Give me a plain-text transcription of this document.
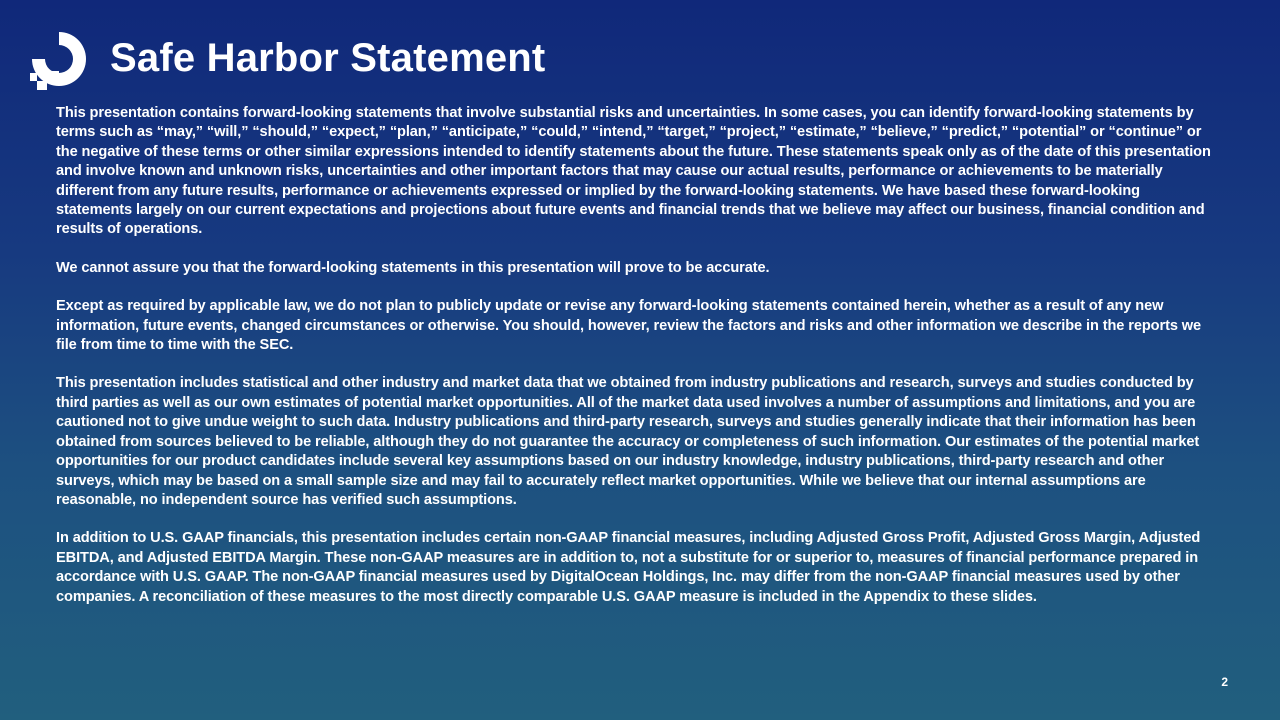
Safe Harbor Statement

This presentation contains forward-looking statements that involve substantial risks and uncertainties. In some cases, you can identify forward-looking statements by terms such as “may,” “will,” “should,” “expect,” “plan,” “anticipate,” “could,” “intend,” “target,” “project,” “estimate,” “believe,” “predict,” “potential” or “continue” or the negative of these terms or other similar expressions intended to identify statements about the future. These statements speak only as of the date of this presentation and involve known and unknown risks, uncertainties and other important factors that may cause our actual results, performance or achievements to be materially different from any future results, performance or achievements expressed or implied by the forward-looking statements. We have based these forward-looking statements largely on our current expectations and projections about future events and financial trends that we believe may affect our business, financial condition and results of operations.

We cannot assure you that the forward-looking statements in this presentation will prove to be accurate.

Except as required by applicable law, we do not plan to publicly update or revise any forward-looking statements contained herein, whether as a result of any new information, future events, changed circumstances or otherwise. You should, however, review the factors and risks and other information we describe in the reports we file from time to time with the SEC.

This presentation includes statistical and other industry and market data that we obtained from industry publications and research, surveys and studies conducted by third parties as well as our own estimates of potential market opportunities. All of the market data used involves a number of assumptions and limitations, and you are cautioned not to give undue weight to such data. Industry publications and third-party research, surveys and studies generally indicate that their information has been obtained from sources believed to be reliable, although they do not guarantee the accuracy or completeness of such information. Our estimates of the potential market opportunities for our product candidates include several key assumptions based on our industry knowledge, industry publications, third-party research and other surveys, which may be based on a small sample size and may fail to accurately reflect market opportunities. While we believe that our internal assumptions are reasonable, no independent source has verified such assumptions.

In addition to U.S. GAAP financials, this presentation includes certain non-GAAP financial measures, including Adjusted Gross Profit, Adjusted Gross Margin, Adjusted EBITDA, and Adjusted EBITDA Margin. These non-GAAP measures are in addition to, not a substitute for or superior to, measures of financial performance prepared in accordance with U.S. GAAP. The non-GAAP financial measures used by DigitalOcean Holdings, Inc. may differ from the non-GAAP financial measures used by other companies. A reconciliation of these measures to the most directly comparable U.S. GAAP measure is included in the Appendix to these slides.

2
